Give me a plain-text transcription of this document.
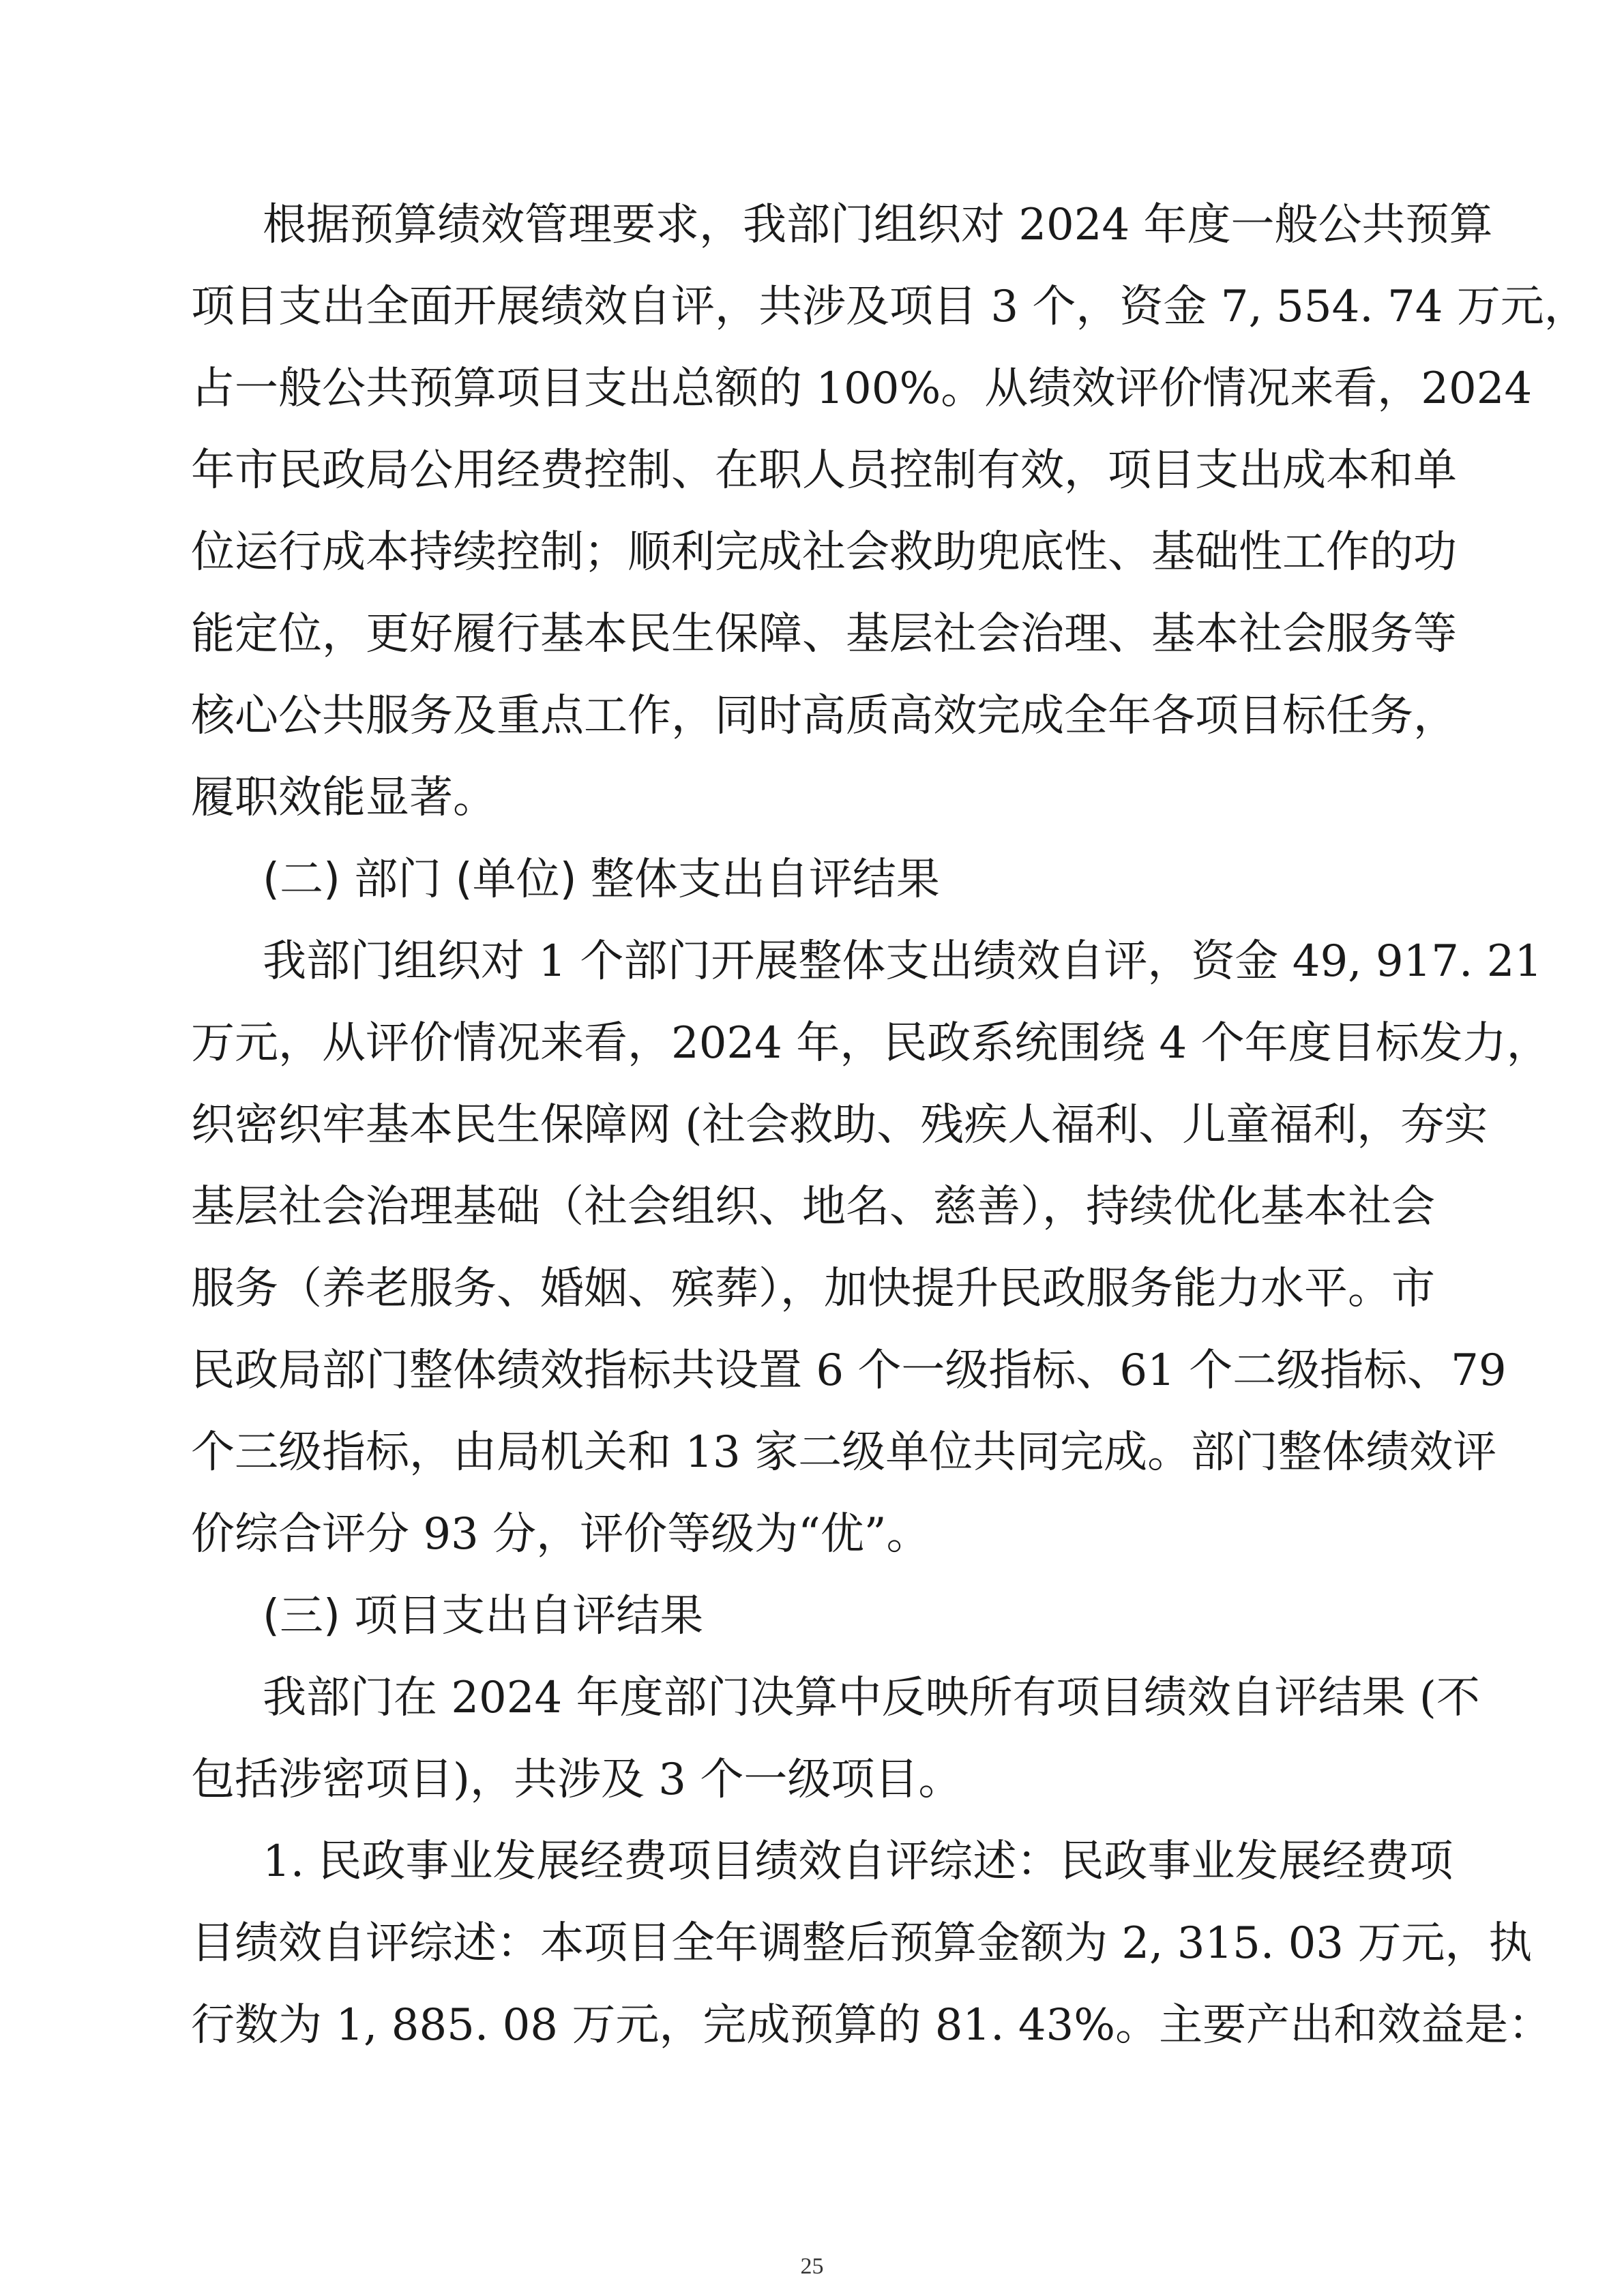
根据预算绩效管理要求，我部门组织对 2024 年度一般公共预算
项目支出全面开展绩效自评，共涉及项目 3 个，资金 7, 554. 74 万元，
占一般公共预算项目支出总额的 100%。从绩效评价情况来看，2024
年市民政局公用经费控制、在职人员控制有效，项目支出成本和单
位运行成本持续控制；顺利完成社会救助兜底性、基础性工作的功
能定位，更好履行基本民生保障、基层社会治理、基本社会服务等
核心公共服务及重点工作，同时高质高效完成全年各项目标任务，
履职效能显著。
(二) 部门 (单位) 整体支出自评结果
我部门组织对 1 个部门开展整体支出绩效自评，资金 49, 917. 21
万元，从评价情况来看，2024 年，民政系统围绕 4 个年度目标发力，
织密织牢基本民生保障网 (社会救助、残疾人福利、儿童福利，夯实
基层社会治理基础（社会组织、地名、慈善），持续优化基本社会
服务（养老服务、婚姻、殡葬），加快提升民政服务能力水平。市
民政局部门整体绩效指标共设置 6 个一级指标、61 个二级指标、79
个三级指标，由局机关和 13 家二级单位共同完成。部门整体绩效评
价综合评分 93 分，评价等级为“优”。
(三) 项目支出自评结果
我部门在 2024 年度部门决算中反映所有项目绩效自评结果 (不
包括涉密项目)，共涉及 3 个一级项目。
1. 民政事业发展经费项目绩效自评综述：民政事业发展经费项
目绩效自评综述：本项目全年调整后预算金额为 2, 315. 03 万元，执
行数为 1, 885. 08 万元，完成预算的 81. 43%。主要产出和效益是：
25
